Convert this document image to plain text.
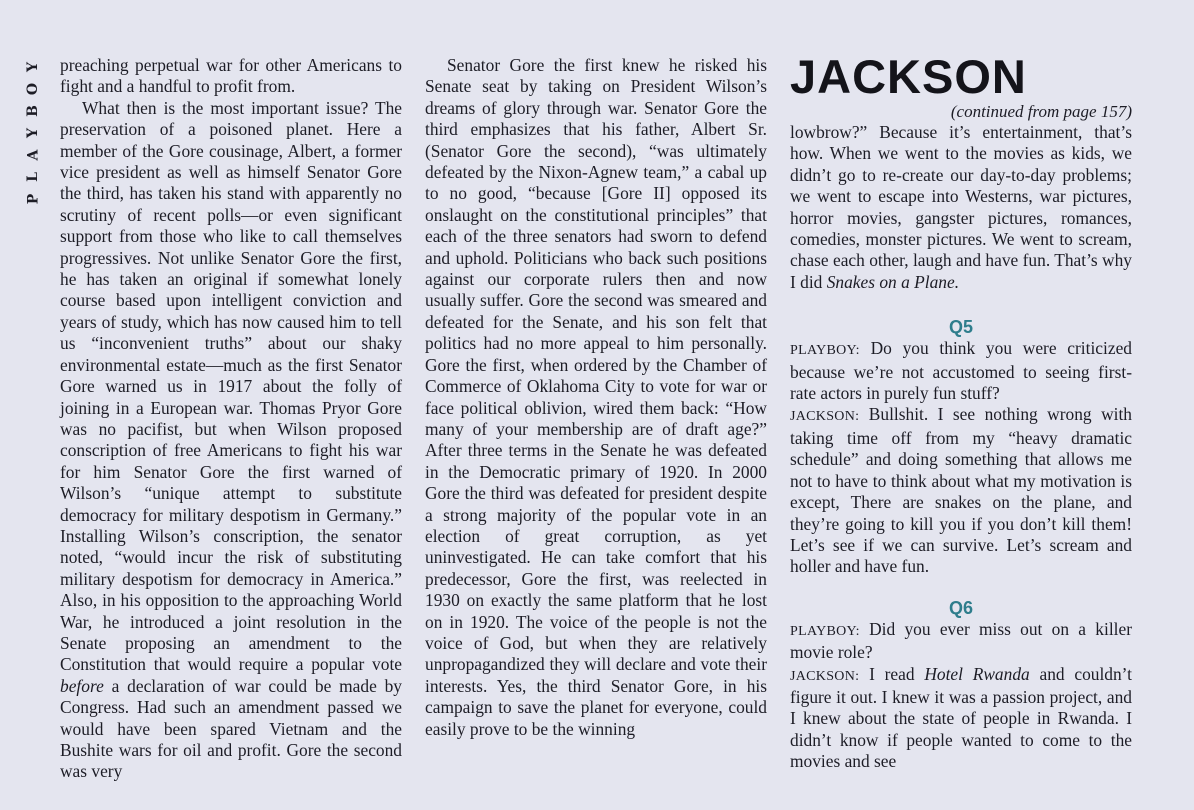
Y
O
B
Y
A
L
P

preaching perpetual war for other Americans to fight and a handful to profit from.

What then is the most important issue? The preservation of a poisoned planet. Here a member of the Gore cousinage, Albert, a former vice president as well as himself Senator Gore the third, has taken his stand with apparently no scrutiny of recent polls—or even significant support from those who like to call themselves progressives. Not unlike Senator Gore the first, he has taken an original if somewhat lonely course based upon intelligent conviction and years of study, which has now caused him to tell us “inconvenient truths” about our shaky environmental estate—much as the first Senator Gore warned us in 1917 about the folly of joining in a European war. Thomas Pryor Gore was no pacifist, but when Wilson proposed conscription of free Americans to fight his war for him Senator Gore the first warned of Wilson’s “unique attempt to substitute democracy for military despotism in Germany.” Installing Wilson’s conscription, the senator noted, “would incur the risk of substituting military despotism for democracy in America.” Also, in his opposition to the approaching World War, he introduced a joint resolution in the Senate proposing an amendment to the Constitution that would require a popular vote before a declaration of war could be made by Congress. Had such an amendment passed we would have been spared Vietnam and the Bushite wars for oil and profit. Gore the second was very

Senator Gore the first knew he risked his Senate seat by taking on President Wilson’s dreams of glory through war. Senator Gore the third emphasizes that his father, Albert Sr. (Senator Gore the second), “was ultimately defeated by the Nixon-Agnew team,” a cabal up to no good, “because [Gore II] opposed its onslaught on the constitutional principles” that each of the three senators had sworn to defend and uphold. Politicians who back such positions against our corporate rulers then and now usually suffer. Gore the second was smeared and defeated for the Senate, and his son felt that politics had no more appeal to him personally. Gore the first, when ordered by the Chamber of Commerce of Oklahoma City to vote for war or face political oblivion, wired them back: “How many of your membership are of draft age?” After three terms in the Senate he was defeated in the Democratic primary of 1920. In 2000 Gore the third was defeated for president despite a strong majority of the popular vote in an election of great corruption, as yet uninvestigated. He can take comfort that his predecessor, Gore the first, was reelected in 1930 on exactly the same platform that he lost on in 1920. The voice of the people is not the voice of God, but when they are relatively unpropagandized they will declare and vote their interests. Yes, the third Senator Gore, in his campaign to save the planet for everyone, could easily prove to be the winning

JACKSON

(continued from page 157)

lowbrow?” Because it’s entertainment, that’s how. When we went to the movies as kids, we didn’t go to re-create our day-to-day problems; we went to escape into Westerns, war pictures, horror movies, gangster pictures, romances, comedies, monster pictures. We went to scream, chase each other, laugh and have fun. That’s why I did Snakes on a Plane.

Q5

PLAYBOY: Do you think you were criticized because we’re not accustomed to seeing first-rate actors in purely fun stuff?

JACKSON: Bullshit. I see nothing wrong with taking time off from my “heavy dramatic schedule” and doing something that allows me not to have to think about what my motivation is except, There are snakes on the plane, and they’re going to kill you if you don’t kill them! Let’s see if we can survive. Let’s scream and holler and have fun.

Q6

PLAYBOY: Did you ever miss out on a killer movie role?

JACKSON: I read Hotel Rwanda and couldn’t figure it out. I knew it was a passion project, and I knew about the state of people in Rwanda. I didn’t know if people wanted to come to the movies and see
